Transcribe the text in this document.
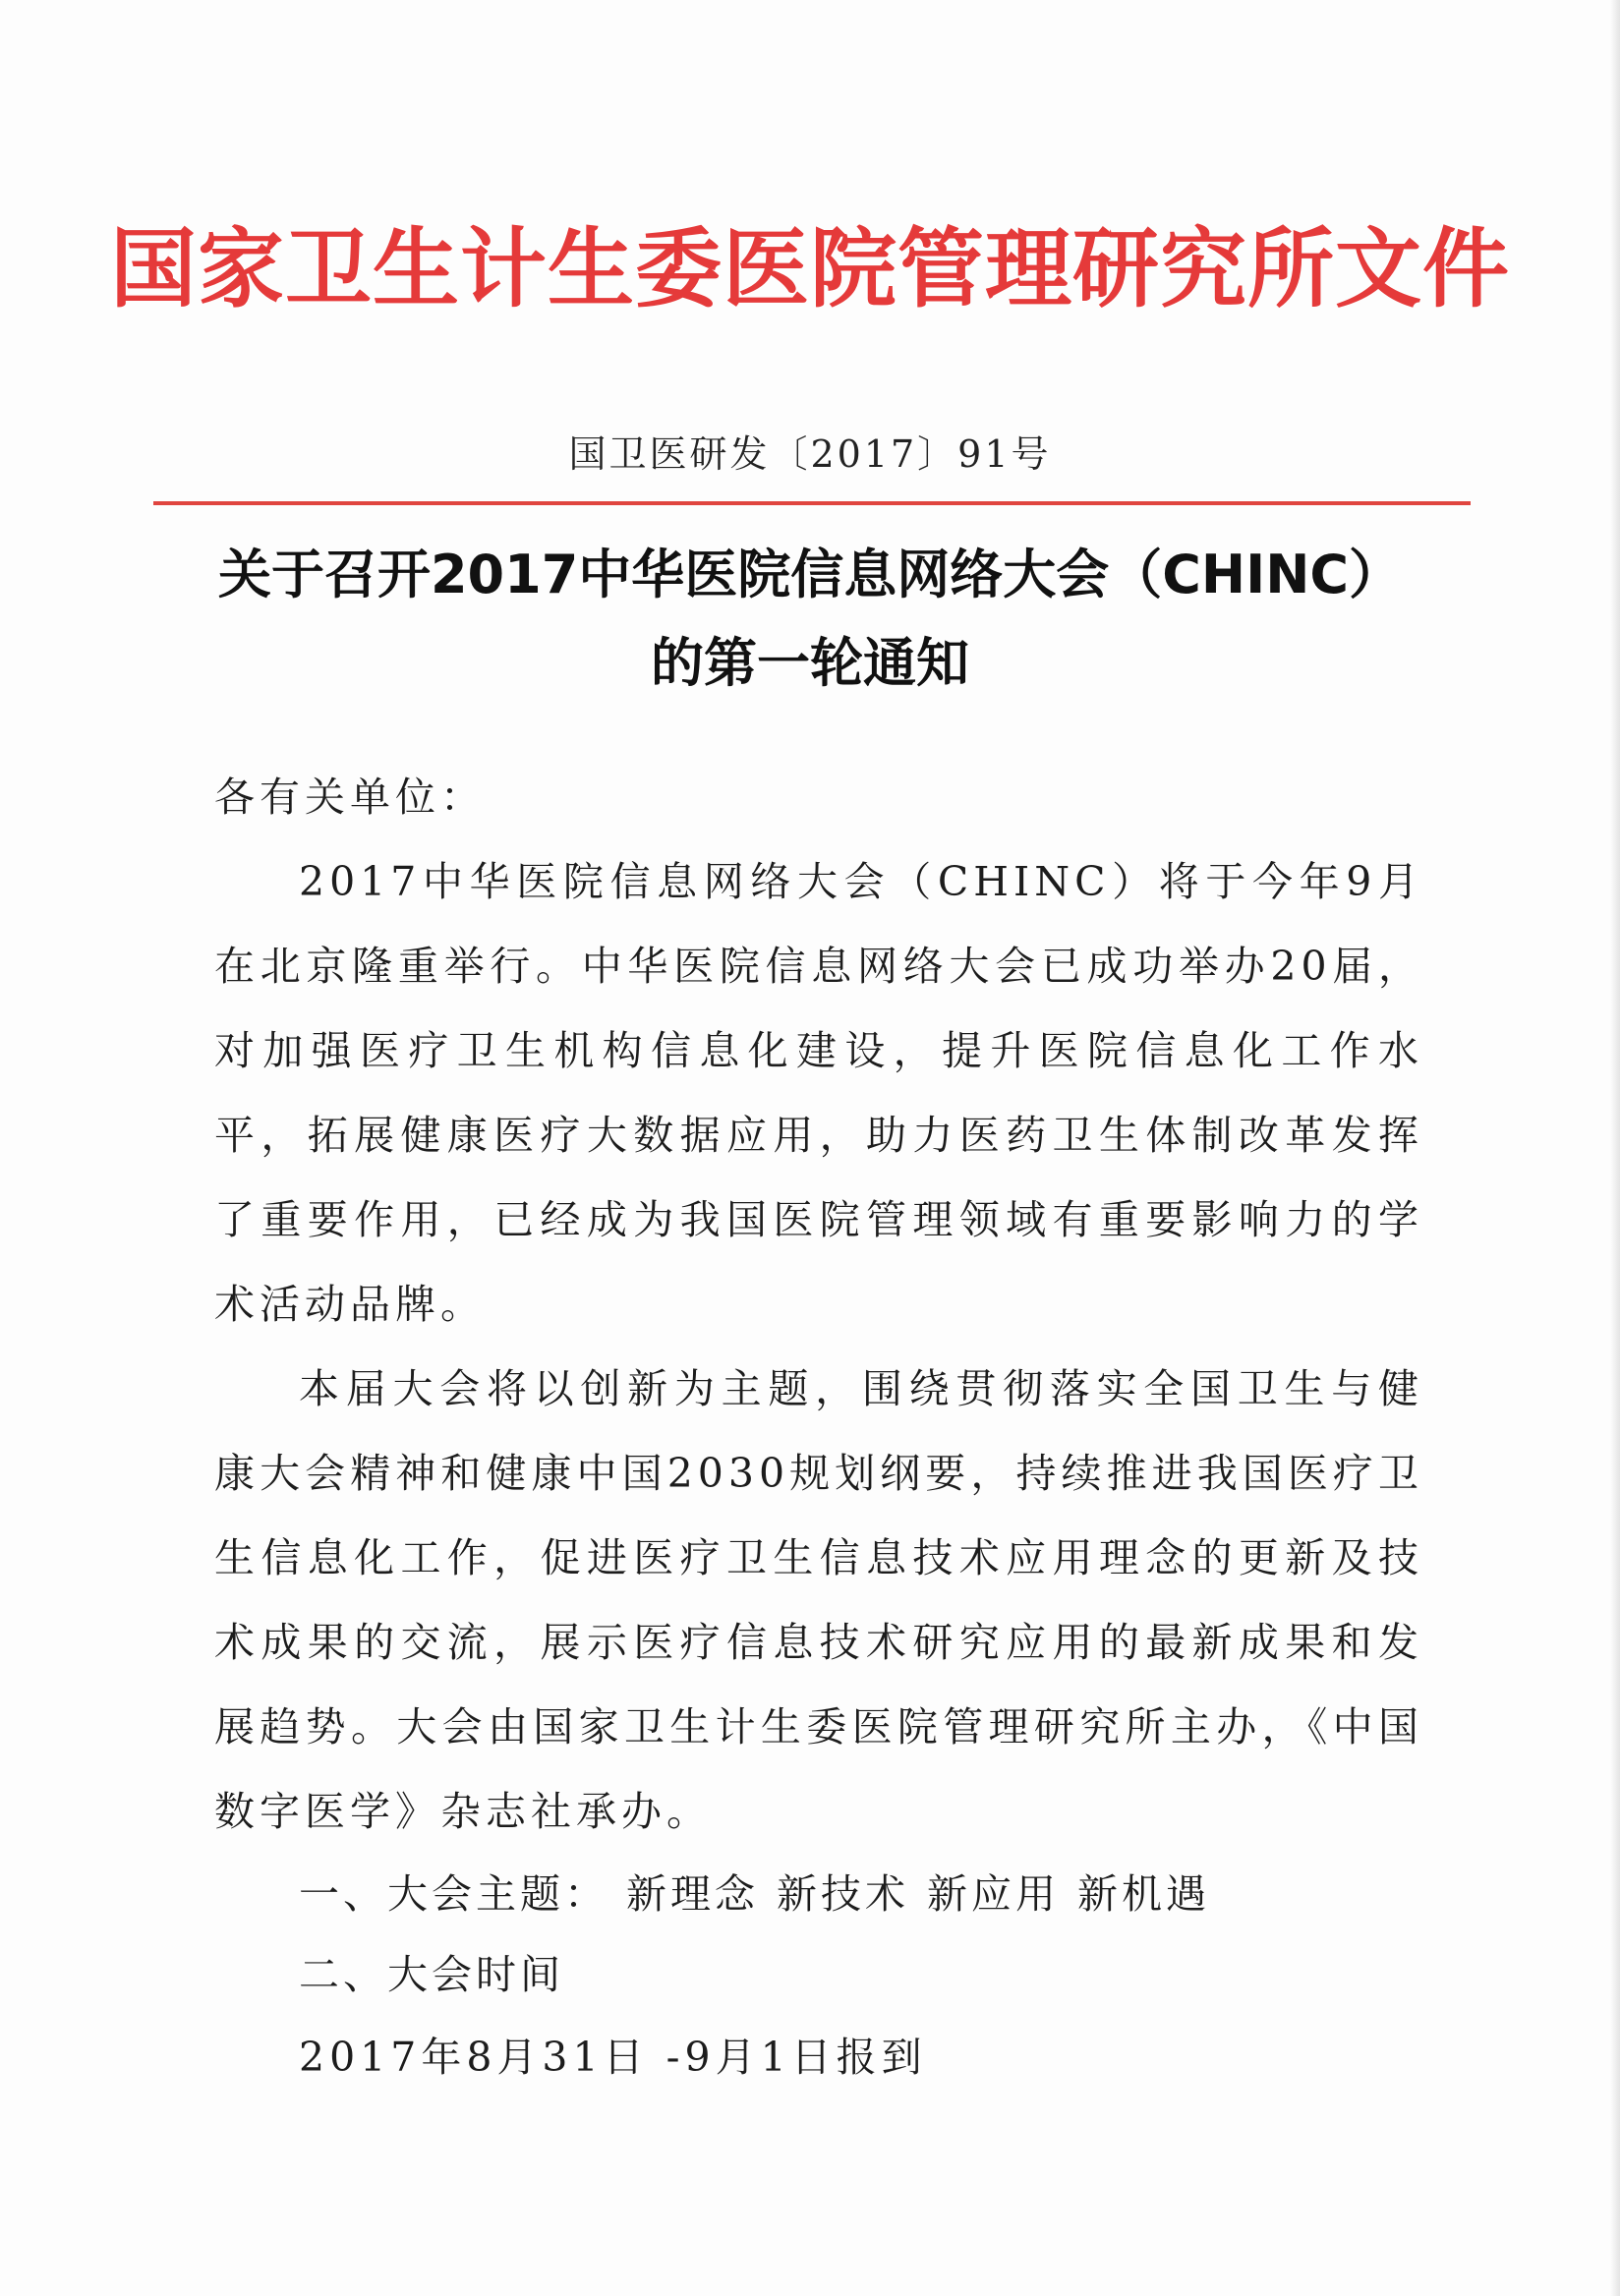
国家卫生计生委医院管理研究所文件
国卫医研发〔2017〕91号
关于召开2017中华医院信息网络大会（CHINC）
的第一轮通知

各有关单位：

2017中华医院信息网络大会（CHINC）将于今年9月在北京隆重举行。中华医院信息网络大会已成功举办20届，对加强医疗卫生机构信息化建设，提升医院信息化工作水平，拓展健康医疗大数据应用，助力医药卫生体制改革发挥了重要作用，已经成为我国医院管理领域有重要影响力的学术活动品牌。

本届大会将以创新为主题，围绕贯彻落实全国卫生与健康大会精神和健康中国2030规划纲要，持续推进我国医疗卫生信息化工作，促进医疗卫生信息技术应用理念的更新及技术成果的交流，展示医疗信息技术研究应用的最新成果和发展趋势。大会由国家卫生计生委医院管理研究所主办，《中国数字医学》杂志社承办。

一、大会主题： 新理念 新技术 新应用 新机遇

二、大会时间

2017年8月31日 -9月1日报到
